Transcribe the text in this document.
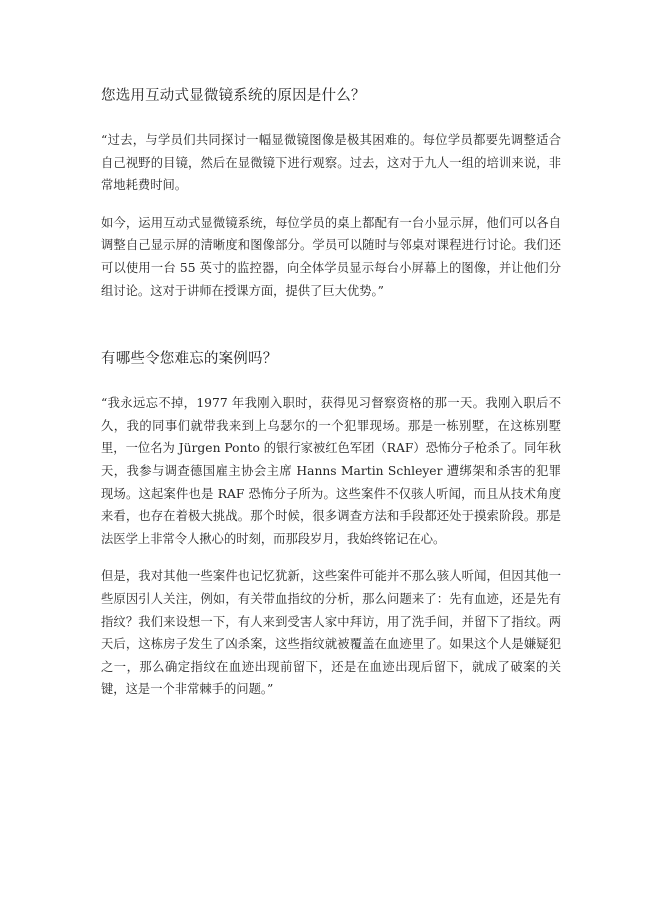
您选用互动式显微镜系统的原因是什么？

“过去，与学员们共同探讨一幅显微镜图像是极其困难的。每位学员都要先调整适合自己视野的目镜，然后在显微镜下进行观察。过去，这对于九人一组的培训来说，非常地耗费时间。

如今，运用互动式显微镜系统，每位学员的桌上都配有一台小显示屏，他们可以各自调整自己显示屏的清晰度和图像部分。学员可以随时与邻桌对课程进行讨论。我们还可以使用一台 55 英寸的监控器，向全体学员显示每台小屏幕上的图像，并让他们分组讨论。这对于讲师在授课方面，提供了巨大优势。”

有哪些令您难忘的案例吗？

“我永远忘不掉，1977 年我刚入职时，获得见习督察资格的那一天。我刚入职后不久，我的同事们就带我来到上乌瑟尔的一个犯罪现场。那是一栋别墅，在这栋别墅里，一位名为 Jürgen Ponto 的银行家被红色军团（RAF）恐怖分子枪杀了。同年秋天，我参与调查德国雇主协会主席 Hanns Martin Schleyer 遭绑架和杀害的犯罪现场。这起案件也是 RAF 恐怖分子所为。这些案件不仅骇人听闻，而且从技术角度来看，也存在着极大挑战。那个时候，很多调查方法和手段都还处于摸索阶段。那是法医学上非常令人揪心的时刻，而那段岁月，我始终铭记在心。

但是，我对其他一些案件也记忆犹新，这些案件可能并不那么骇人听闻，但因其他一些原因引人关注，例如，有关带血指纹的分析，那么问题来了：先有血迹，还是先有指纹？我们来设想一下，有人来到受害人家中拜访，用了洗手间，并留下了指纹。两天后，这栋房子发生了凶杀案，这些指纹就被覆盖在血迹里了。如果这个人是嫌疑犯之一，那么确定指纹在血迹出现前留下，还是在血迹出现后留下，就成了破案的关键，这是一个非常棘手的问题。”
